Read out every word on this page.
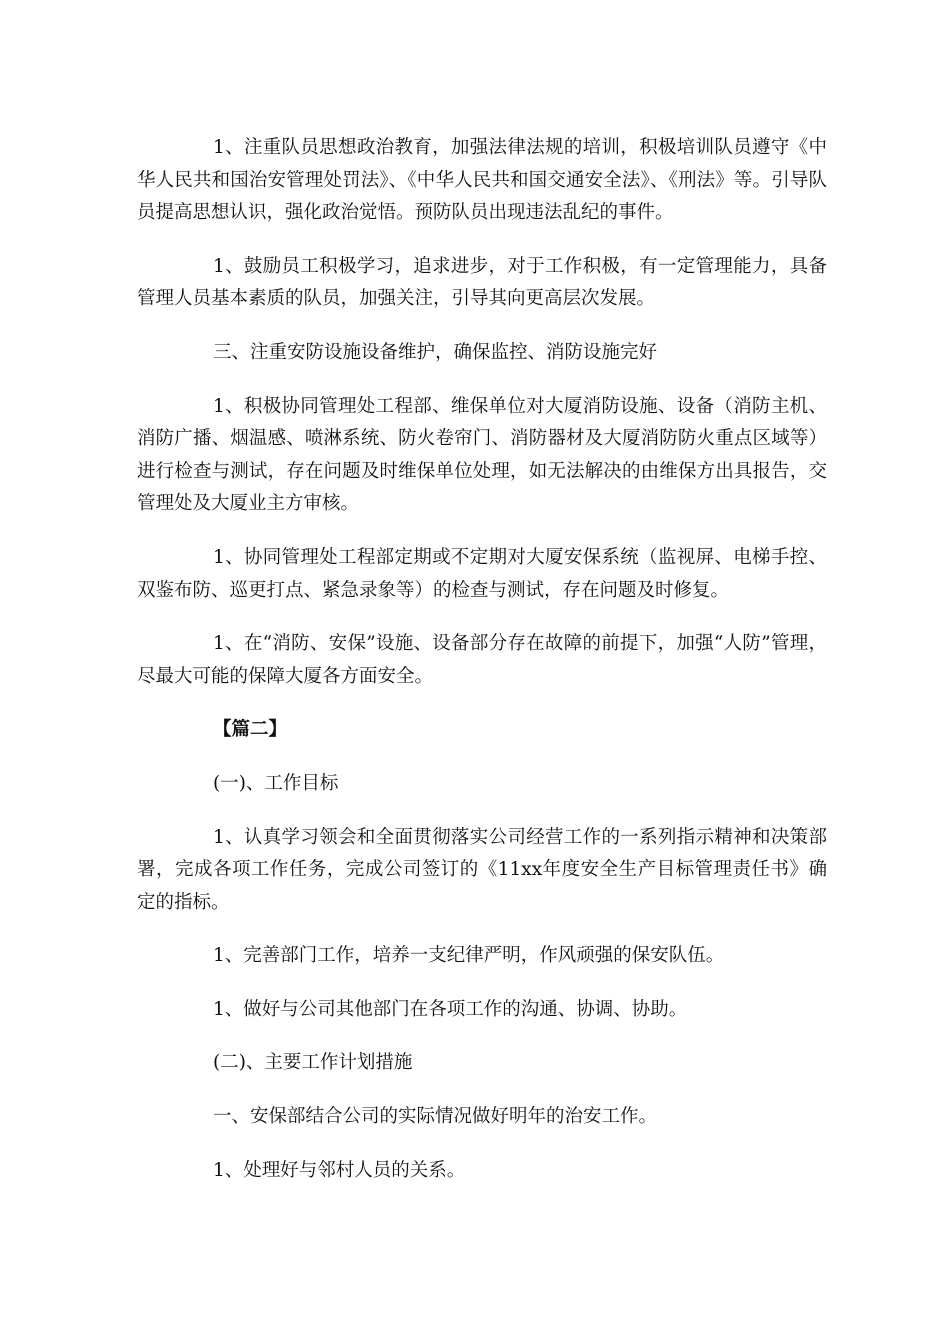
1、注重队员思想政治教育，加强法律法规的培训，积极培训队员遵守《中华人民共和国治安管理处罚法》、《中华人民共和国交通安全法》、《刑法》等。引导队员提高思想认识，强化政治觉悟。预防队员出现违法乱纪的事件。

1、鼓励员工积极学习，追求进步，对于工作积极，有一定管理能力，具备管理人员基本素质的队员，加强关注，引导其向更高层次发展。

三、注重安防设施设备维护，确保监控、消防设施完好

1、积极协同管理处工程部、维保单位对大厦消防设施、设备（消防主机、消防广播、烟温感、喷淋系统、防火卷帘门、消防器材及大厦消防防火重点区域等）进行检查与测试，存在问题及时维保单位处理，如无法解决的由维保方出具报告，交管理处及大厦业主方审核。

1、协同管理处工程部定期或不定期对大厦安保系统（监视屏、电梯手控、双鉴布防、巡更打点、紧急录象等）的检查与测试，存在问题及时修复。

1、在“消防、安保”设施、设备部分存在故障的前提下，加强“人防”管理，尽最大可能的保障大厦各方面安全。

【篇二】

(一)、工作目标

1、认真学习领会和全面贯彻落实公司经营工作的一系列指示精神和决策部署，完成各项工作任务，完成公司签订的《11xx年度安全生产目标管理责任书》确定的指标。

1、完善部门工作，培养一支纪律严明，作风顽强的保安队伍。

1、做好与公司其他部门在各项工作的沟通、协调、协助。

(二)、主要工作计划措施

一、安保部结合公司的实际情况做好明年的治安工作。

1、处理好与邻村人员的关系。
